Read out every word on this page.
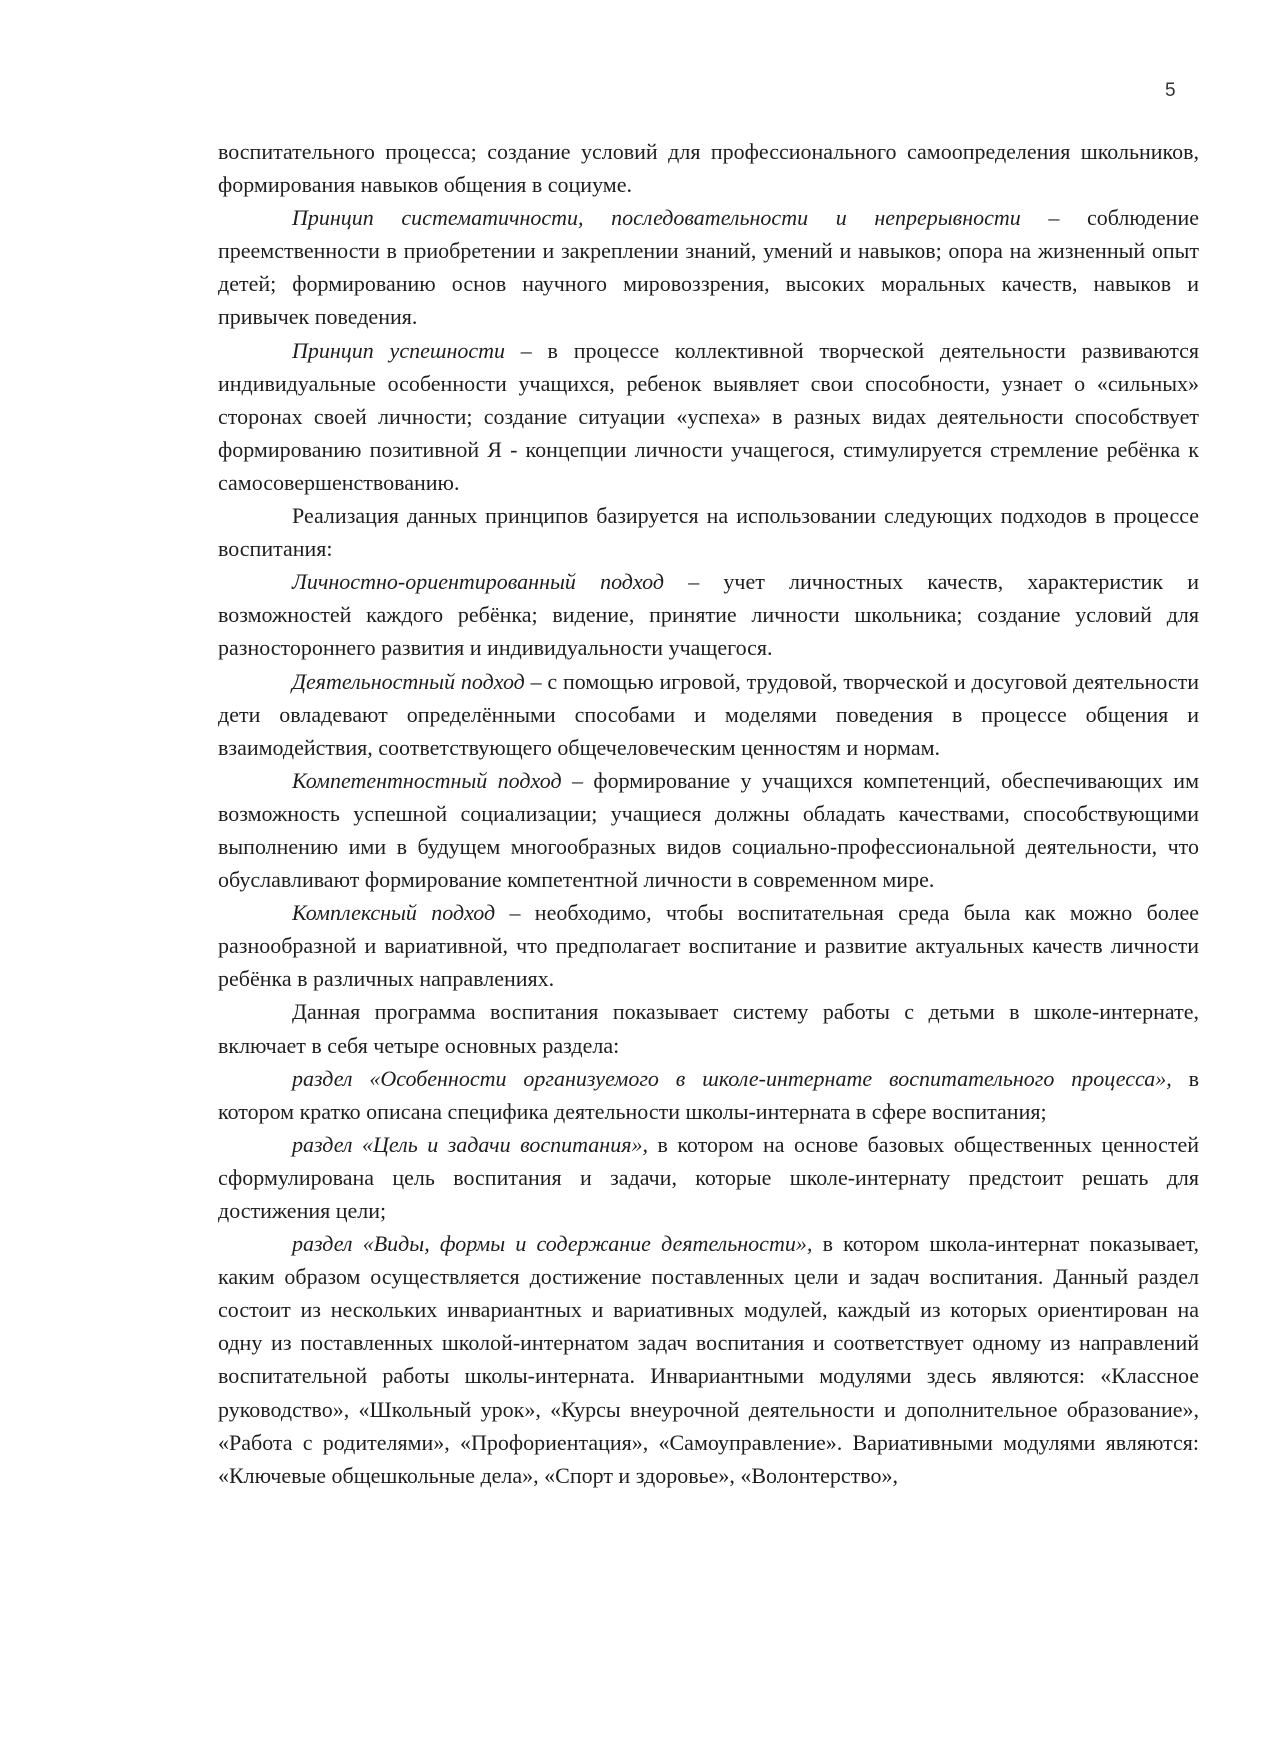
5

воспитательного процесса; создание условий для профессионального самоопределения школьников, формирования навыков общения в социуме.

Принцип систематичности, последовательности и непрерывности – соблюдение преемственности в приобретении и закреплении знаний, умений и навыков; опора на жизненный опыт детей; формированию основ научного мировоззрения, высоких моральных качеств, навыков и привычек поведения.

Принцип успешности – в процессе коллективной творческой деятельности развиваются индивидуальные особенности учащихся, ребенок выявляет свои способности, узнает о «сильных» сторонах своей личности; создание ситуации «успеха» в разных видах деятельности способствует формированию позитивной Я - концепции личности учащегося, стимулируется стремление ребёнка к самосовершенствованию.

Реализация данных принципов базируется на использовании следующих подходов в процессе воспитания:

Личностно-ориентированный подход – учет личностных качеств, характеристик и возможностей каждого ребёнка; видение, принятие личности школьника; создание условий для разностороннего развития и индивидуальности учащегося.

Деятельностный подход – с помощью игровой, трудовой, творческой и досуговой деятельности дети овладевают определёнными способами и моделями поведения в процессе общения и взаимодействия, соответствующего общечеловеческим ценностям и нормам.

Компетентностный подход – формирование у учащихся компетенций, обеспечивающих им возможность успешной социализации; учащиеся должны обладать качествами, способствующими выполнению ими в будущем многообразных видов социально-профессиональной деятельности, что обуславливают формирование компетентной личности в современном мире.

Комплексный подход – необходимо, чтобы воспитательная среда была как можно более разнообразной и вариативной, что предполагает воспитание и развитие актуальных качеств личности ребёнка в различных направлениях.

Данная программа воспитания показывает систему работы с детьми в школе-интернате, включает в себя четыре основных раздела:

раздел «Особенности организуемого в школе-интернате воспитательного процесса», в котором кратко описана специфика деятельности школы-интерната в сфере воспитания;

раздел «Цель и задачи воспитания», в котором на основе базовых общественных ценностей сформулирована цель воспитания и задачи, которые школе-интернату предстоит решать для достижения цели;

раздел «Виды, формы и содержание деятельности», в котором школа-интернат показывает, каким образом осуществляется достижение поставленных цели и задач воспитания. Данный раздел состоит из нескольких инвариантных и вариативных модулей, каждый из которых ориентирован на одну из поставленных школой-интернатом задач воспитания и соответствует одному из направлений воспитательной работы школы-интерната. Инвариантными модулями здесь являются: «Классное руководство», «Школьный урок», «Курсы внеурочной деятельности и дополнительное образование», «Работа с родителями», «Профориентация», «Самоуправление». Вариативными модулями являются: «Ключевые общешкольные дела», «Спорт и здоровье», «Волонтерство»,
